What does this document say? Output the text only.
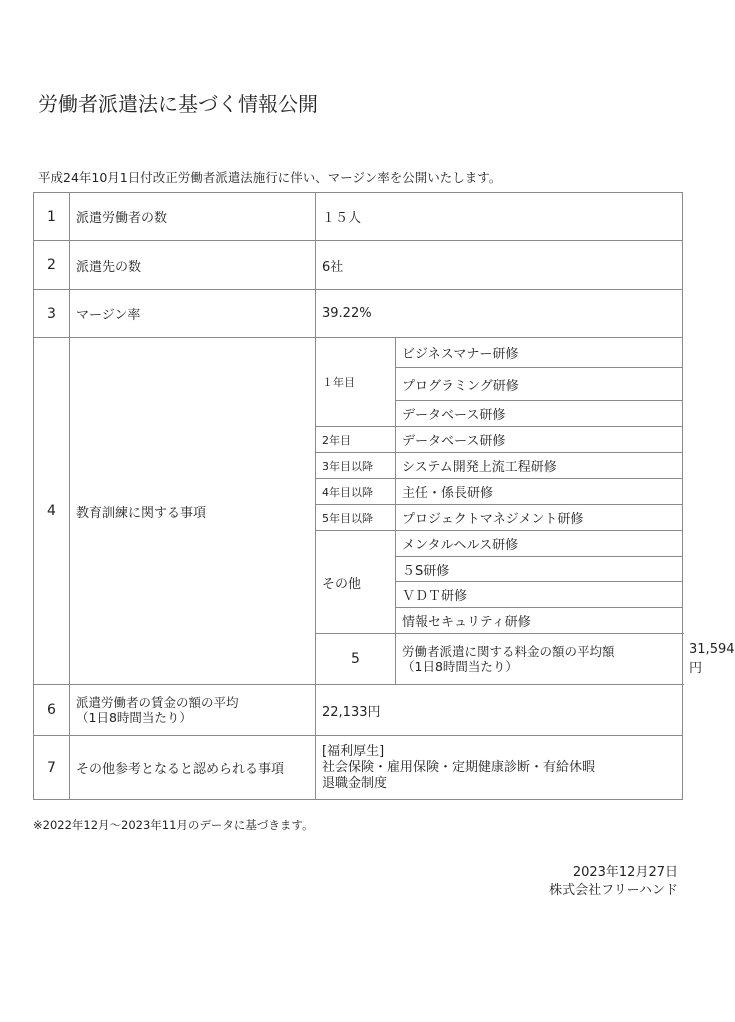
労働者派遣法に基づく情報公開
平成24年10月1日付改正労働者派遣法施行に伴い、マージン率を公開いたします。
1	派遣労働者の数	１５人		
2	派遣先の数	6社		
3	マージン率	39.22%		
4	教育訓練に関する事項	１年目	ビジネスマナー研修	
			プログラミング研修	
			データベース研修	
		2年目	データベース研修	
		3年目以降	システム開発上流工程研修	
		4年目以降	主任・係長研修	
		5年目以降	プロジェクトマネジメント研修	
		その他	メンタルヘルス研修	
			５S研修	
			ＶＤＴ研修	
			情報セキュリティ研修	
		5	労働者派遣に関する料金の額の平均額
（1日8時間当たり）	31,594円
6	派遣労働者の賃金の額の平均
（1日8時間当たり）	22,133円		
7	その他参考となると認められる事項	[福利厚生]
社会保険・雇用保険・定期健康診断・有給休暇
退職金制度		
※2022年12月～2023年11月のデータに基づきます。
2023年12月27日
株式会社フリーハンド
